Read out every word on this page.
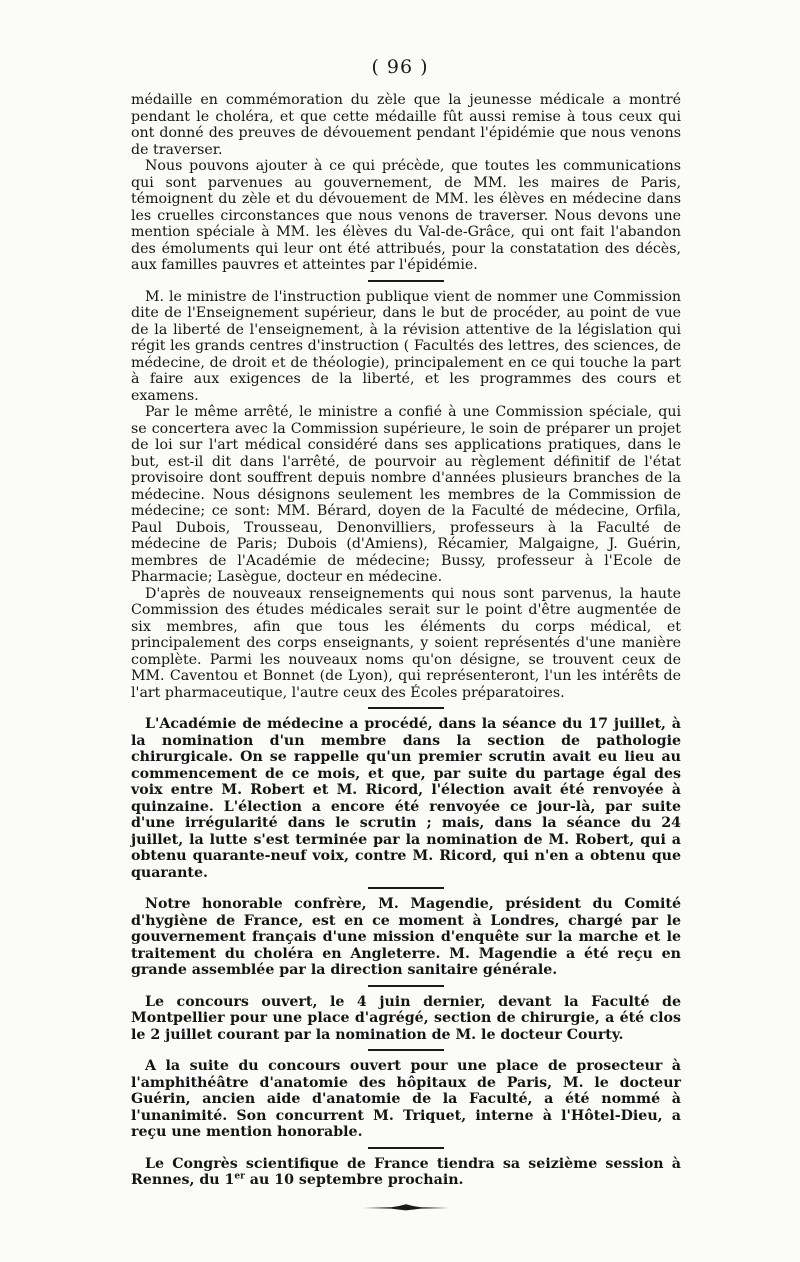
( 96 )

médaille en commémoration du zèle que la jeunesse médicale a montré pendant le choléra, et que cette médaille fût aussi remise à tous ceux qui ont donné des preuves de dévouement pendant l'épidémie que nous venons de traverser.

Nous pouvons ajouter à ce qui précède, que toutes les communications qui sont parvenues au gouvernement, de MM. les maires de Paris, témoignent du zèle et du dévouement de MM. les élèves en médecine dans les cruelles circonstances que nous venons de traverser. Nous devons une mention spéciale à MM. les élèves du Val-de-Grâce, qui ont fait l'abandon des émoluments qui leur ont été attribués, pour la constatation des décès, aux familles pauvres et atteintes par l'épidémie.

M. le ministre de l'instruction publique vient de nommer une Commission dite de l'Enseignement supérieur, dans le but de procéder, au point de vue de la liberté de l'enseignement, à la révision attentive de la législation qui régit les grands centres d'instruction ( Facultés des lettres, des sciences, de médecine, de droit et de théologie), principalement en ce qui touche la part à faire aux exigences de la liberté, et les programmes des cours et examens.

Par le même arrêté, le ministre a confié à une Commission spéciale, qui se concertera avec la Commission supérieure, le soin de préparer un projet de loi sur l'art médical considéré dans ses applications pratiques, dans le but, est-il dit dans l'arrêté, de pourvoir au règlement définitif de l'état provisoire dont souffrent depuis nombre d'années plusieurs branches de la médecine. Nous désignons seulement les membres de la Commission de médecine; ce sont: MM. Bérard, doyen de la Faculté de médecine, Orfila, Paul Dubois, Trousseau, Denonvilliers, professeurs à la Faculté de médecine de Paris; Dubois (d'Amiens), Récamier, Malgaigne, J. Guérin, membres de l'Académie de médecine; Bussy, professeur à l'Ecole de Pharmacie; Lasègue, docteur en médecine.

D'après de nouveaux renseignements qui nous sont parvenus, la haute Commission des études médicales serait sur le point d'être augmentée de six membres, afin que tous les éléments du corps médical, et principalement des corps enseignants, y soient représentés d'une manière complète. Parmi les nouveaux noms qu'on désigne, se trouvent ceux de MM. Caventou et Bonnet (de Lyon), qui représenteront, l'un les intérêts de l'art pharmaceutique, l'autre ceux des Écoles préparatoires.

L'Académie de médecine a procédé, dans la séance du 17 juillet, à la nomination d'un membre dans la section de pathologie chirurgicale. On se rappelle qu'un premier scrutin avait eu lieu au commencement de ce mois, et que, par suite du partage égal des voix entre M. Robert et M. Ricord, l'élection avait été renvoyée à quinzaine. L'élection a encore été renvoyée ce jour-là, par suite d'une irrégularité dans le scrutin ; mais, dans la séance du 24 juillet, la lutte s'est terminée par la nomination de M. Robert, qui a obtenu quarante-neuf voix, contre M. Ricord, qui n'en a obtenu que quarante.

Notre honorable confrère, M. Magendie, président du Comité d'hygiène de France, est en ce moment à Londres, chargé par le gouvernement français d'une mission d'enquête sur la marche et le traitement du choléra en Angleterre. M. Magendie a été reçu en grande assemblée par la direction sanitaire générale.

Le concours ouvert, le 4 juin dernier, devant la Faculté de Montpellier pour une place d'agrégé, section de chirurgie, a été clos le 2 juillet courant par la nomination de M. le docteur Courty.

A la suite du concours ouvert pour une place de prosecteur à l'amphithéâtre d'anatomie des hôpitaux de Paris, M. le docteur Guérin, ancien aide d'anatomie de la Faculté, a été nommé à l'unanimité. Son concurrent M. Triquet, interne à l'Hôtel-Dieu, a reçu une mention honorable.

Le Congrès scientifique de France tiendra sa seizième session à Rennes, du 1er au 10 septembre prochain.
